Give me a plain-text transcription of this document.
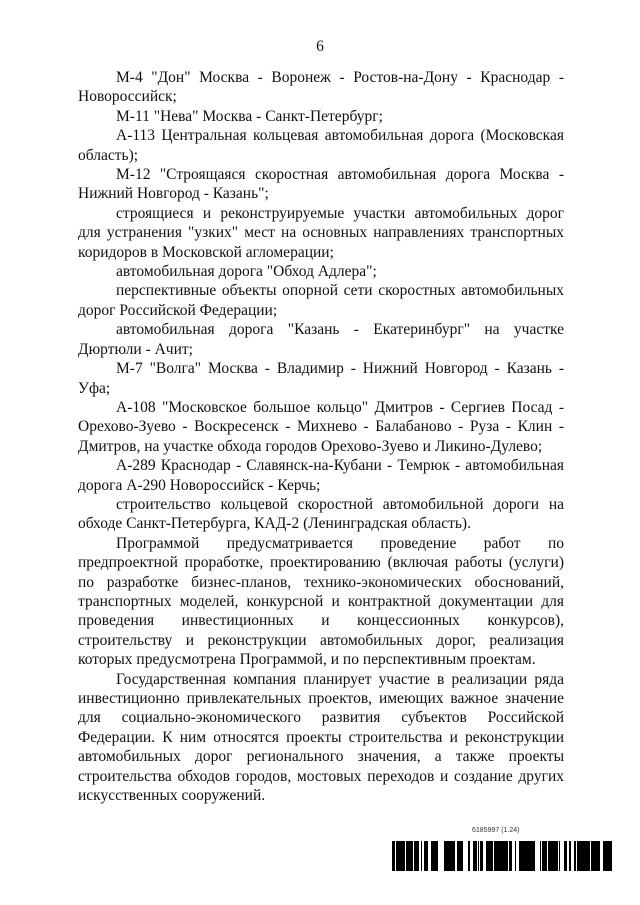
6

М-4 "Дон" Москва - Воронеж - Ростов-на-Дону - Краснодар - Новороссийск;

М-11 "Нева" Москва - Санкт-Петербург;

А-113 Центральная кольцевая автомобильная дорога (Московская область);

М-12 "Строящаяся скоростная автомобильная дорога Москва - Нижний Новгород - Казань";

строящиеся и реконструируемые участки автомобильных дорог для устранения "узких" мест на основных направлениях транспортных коридоров в Московской агломерации;

автомобильная дорога "Обход Адлера";

перспективные объекты опорной сети скоростных автомобильных дорог Российской Федерации;

автомобильная дорога "Казань - Екатеринбург" на участке Дюртюли - Ачит;

М-7 "Волга" Москва - Владимир - Нижний Новгород - Казань - Уфа;

А-108 "Московское большое кольцо" Дмитров - Сергиев Посад - Орехово-Зуево - Воскресенск - Михнево - Балабаново - Руза - Клин - Дмитров, на участке обхода городов Орехово-Зуево и Ликино-Дулево;

А-289 Краснодар - Славянск-на-Кубани - Темрюк - автомобильная дорога А-290 Новороссийск - Керчь;

строительство кольцевой скоростной автомобильной дороги на обходе Санкт-Петербурга, КАД-2 (Ленинградская область).

Программой предусматривается проведение работ по предпроектной проработке, проектированию (включая работы (услуги) по разработке бизнес-планов, технико-экономических обоснований, транспортных моделей, конкурсной и контрактной документации для проведения инвестиционных и концессионных конкурсов), строительству и реконструкции автомобильных дорог, реализация которых предусмотрена Программой, и по перспективным проектам.

Государственная компания планирует участие в реализации ряда инвестиционно привлекательных проектов, имеющих важное значение для социально-экономического развития субъектов Российской Федерации. К ним относятся проекты строительства и реконструкции автомобильных дорог регионального значения, а также проекты строительства обходов городов, мостовых переходов и создание других искусственных сооружений.

6185997 (1.24)
